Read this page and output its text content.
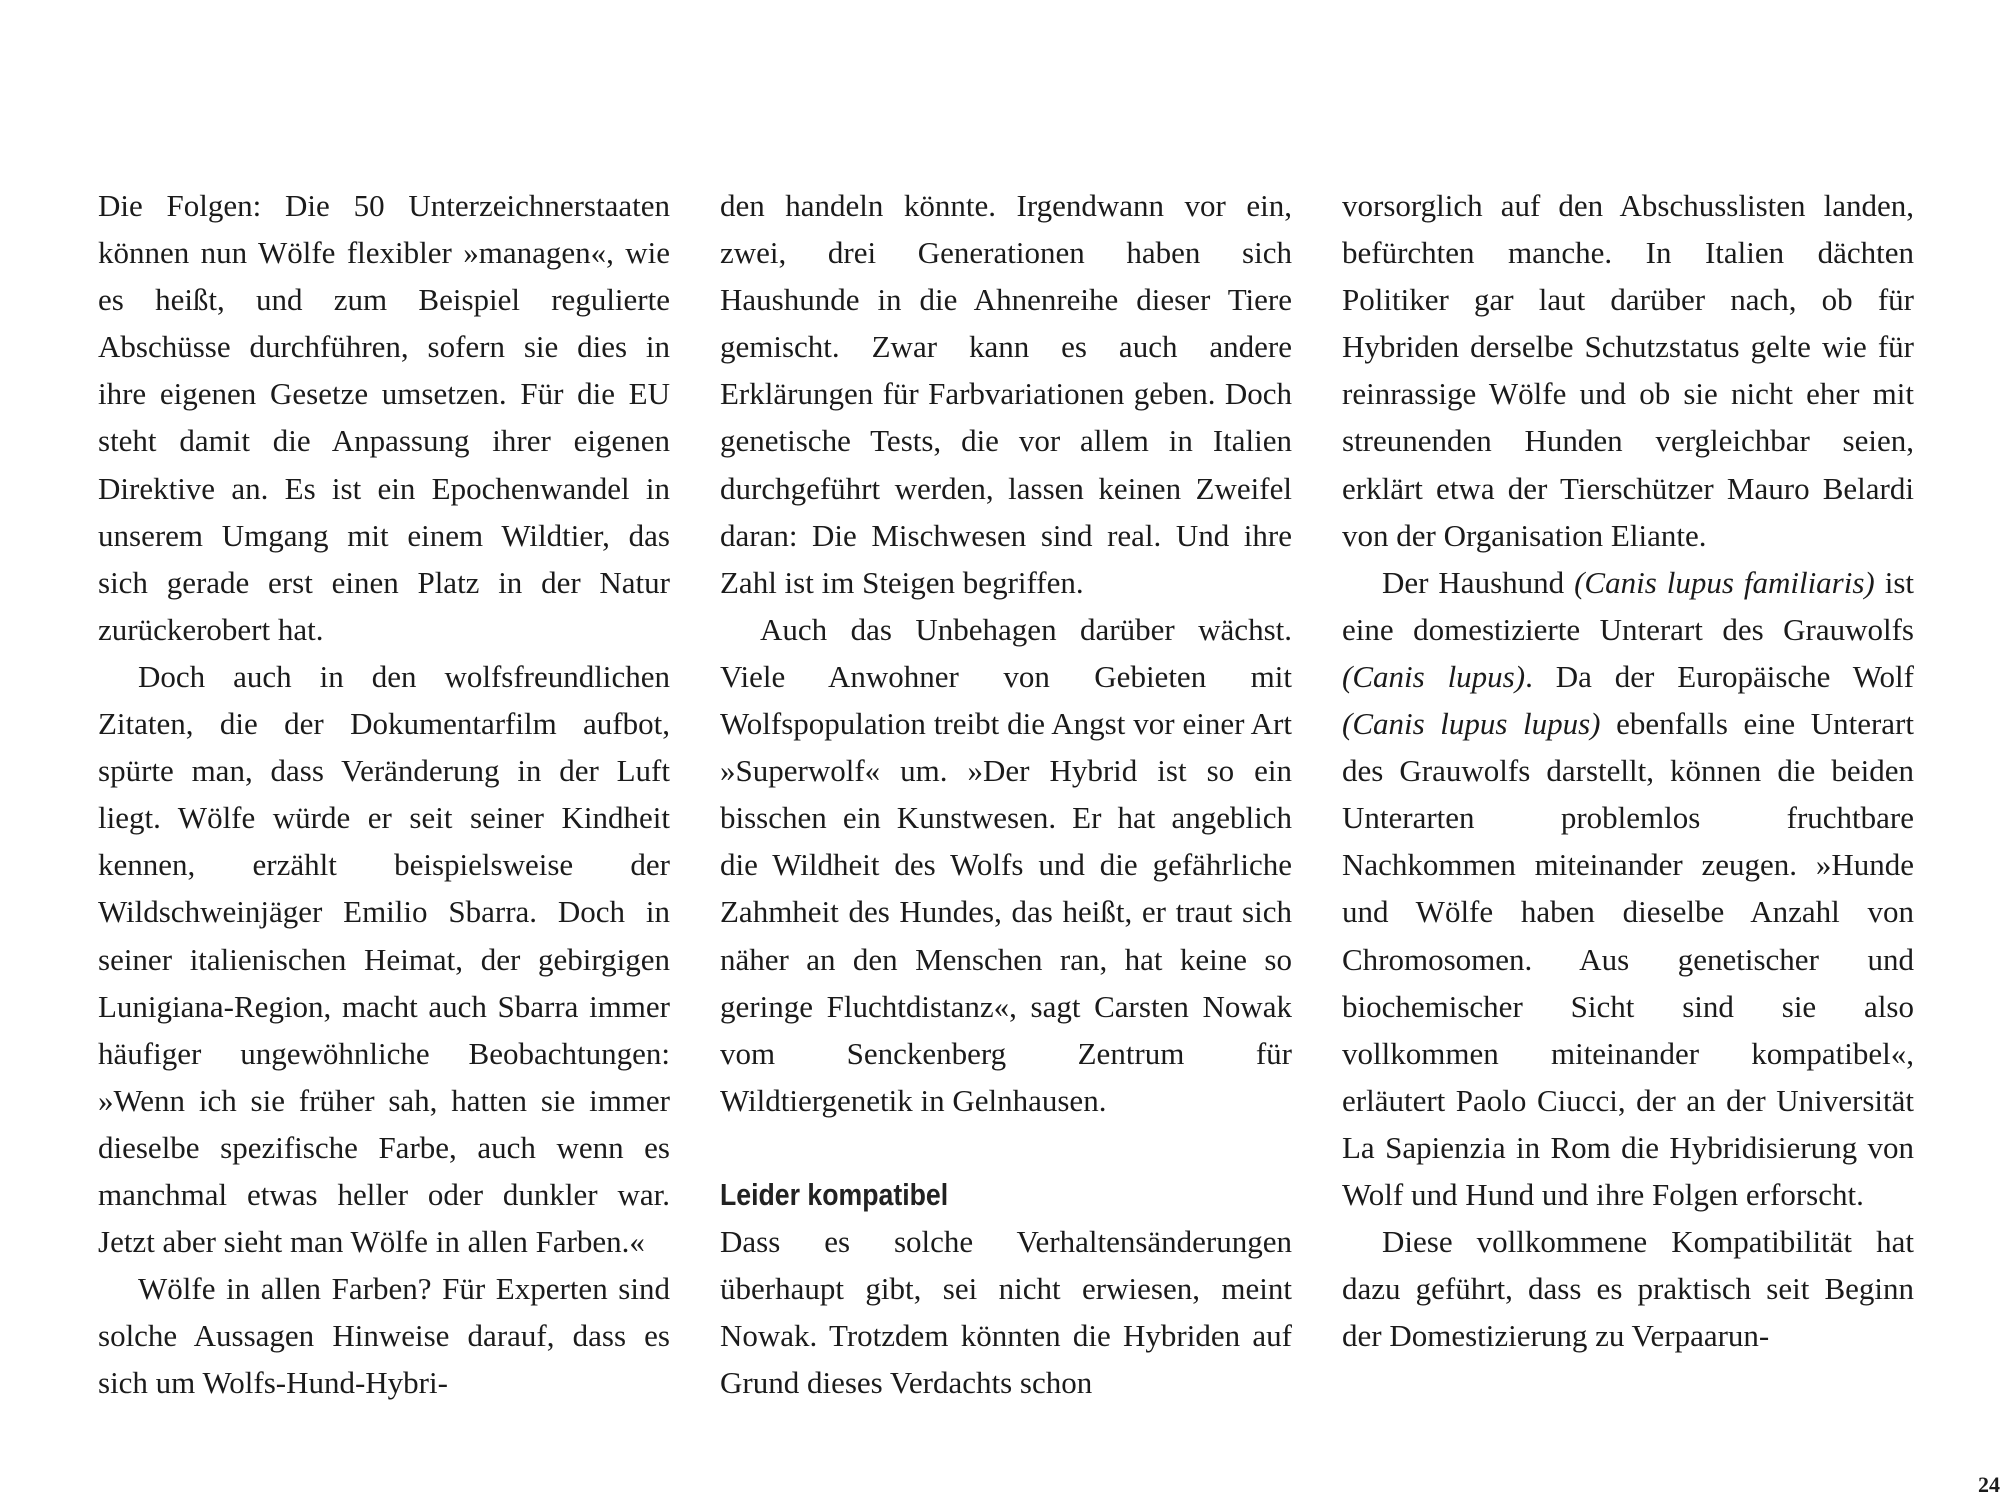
Die Folgen: Die 50 Unterzeichnerstaaten können nun Wölfe flexibler »managen«, wie es heißt, und zum Beispiel regulierte Abschüsse durchführen, sofern sie dies in ihre eigenen Gesetze umsetzen. Für die EU steht damit die Anpassung ihrer eigenen Direktive an. Es ist ein Epochenwandel in unserem Umgang mit einem Wildtier, das sich gerade erst einen Platz in der Natur zurückerobert hat.

Doch auch in den wolfsfreundlichen Zitaten, die der Dokumentarfilm aufbot, spürte man, dass Veränderung in der Luft liegt. Wölfe würde er seit seiner Kindheit kennen, erzählt beispielsweise der Wildschweinjäger Emilio Sbarra. Doch in seiner italienischen Heimat, der gebirgigen Lunigiana-Region, macht auch Sbarra immer häufiger ungewöhnliche Beobachtungen: »Wenn ich sie früher sah, hatten sie immer dieselbe spezifische Farbe, auch wenn es manchmal etwas heller oder dunkler war. Jetzt aber sieht man Wölfe in allen Farben.«

Wölfe in allen Farben? Für Experten sind solche Aussagen Hinweise darauf, dass es sich um Wolfs-Hund-Hybri-

den handeln könnte. Irgendwann vor ein, zwei, drei Generationen haben sich Haushunde in die Ahnenreihe dieser Tiere gemischt. Zwar kann es auch andere Erklärungen für Farbvariationen geben. Doch genetische Tests, die vor allem in Italien durchgeführt werden, lassen keinen Zweifel daran: Die Mischwesen sind real. Und ihre Zahl ist im Steigen begriffen.

Auch das Unbehagen darüber wächst. Viele Anwohner von Gebieten mit Wolfspopulation treibt die Angst vor einer Art »Superwolf« um. »Der Hybrid ist so ein bisschen ein Kunstwesen. Er hat angeblich die Wildheit des Wolfs und die gefährliche Zahmheit des Hundes, das heißt, er traut sich näher an den Menschen ran, hat keine so geringe Fluchtdistanz«, sagt Carsten Nowak vom Senckenberg Zentrum für Wildtiergenetik in Gelnhausen.

Leider kompatibel

Dass es solche Verhaltensänderungen überhaupt gibt, sei nicht erwiesen, meint Nowak. Trotzdem könnten die Hybriden auf Grund dieses Verdachts schon

vorsorglich auf den Abschusslisten landen, befürchten manche. In Italien dächten Politiker gar laut darüber nach, ob für Hybriden derselbe Schutzstatus gelte wie für reinrassige Wölfe und ob sie nicht eher mit streunenden Hunden vergleichbar seien, erklärt etwa der Tierschützer Mauro Belardi von der Organisation Eliante.

Der Haushund (Canis lupus familiaris) ist eine domestizierte Unterart des Grauwolfs (Canis lupus). Da der Europäische Wolf (Canis lupus lupus) ebenfalls eine Unterart des Grauwolfs darstellt, können die beiden Unterarten problemlos fruchtbare Nachkommen miteinander zeugen. »Hunde und Wölfe haben dieselbe Anzahl von Chromosomen. Aus genetischer und biochemischer Sicht sind sie also vollkommen miteinander kompatibel«, erläutert Paolo Ciucci, der an der Universität La Sapienzia in Rom die Hybridisierung von Wolf und Hund und ihre Folgen erforscht.

Diese vollkommene Kompatibilität hat dazu geführt, dass es praktisch seit Beginn der Domestizierung zu Verpaarun-

24
